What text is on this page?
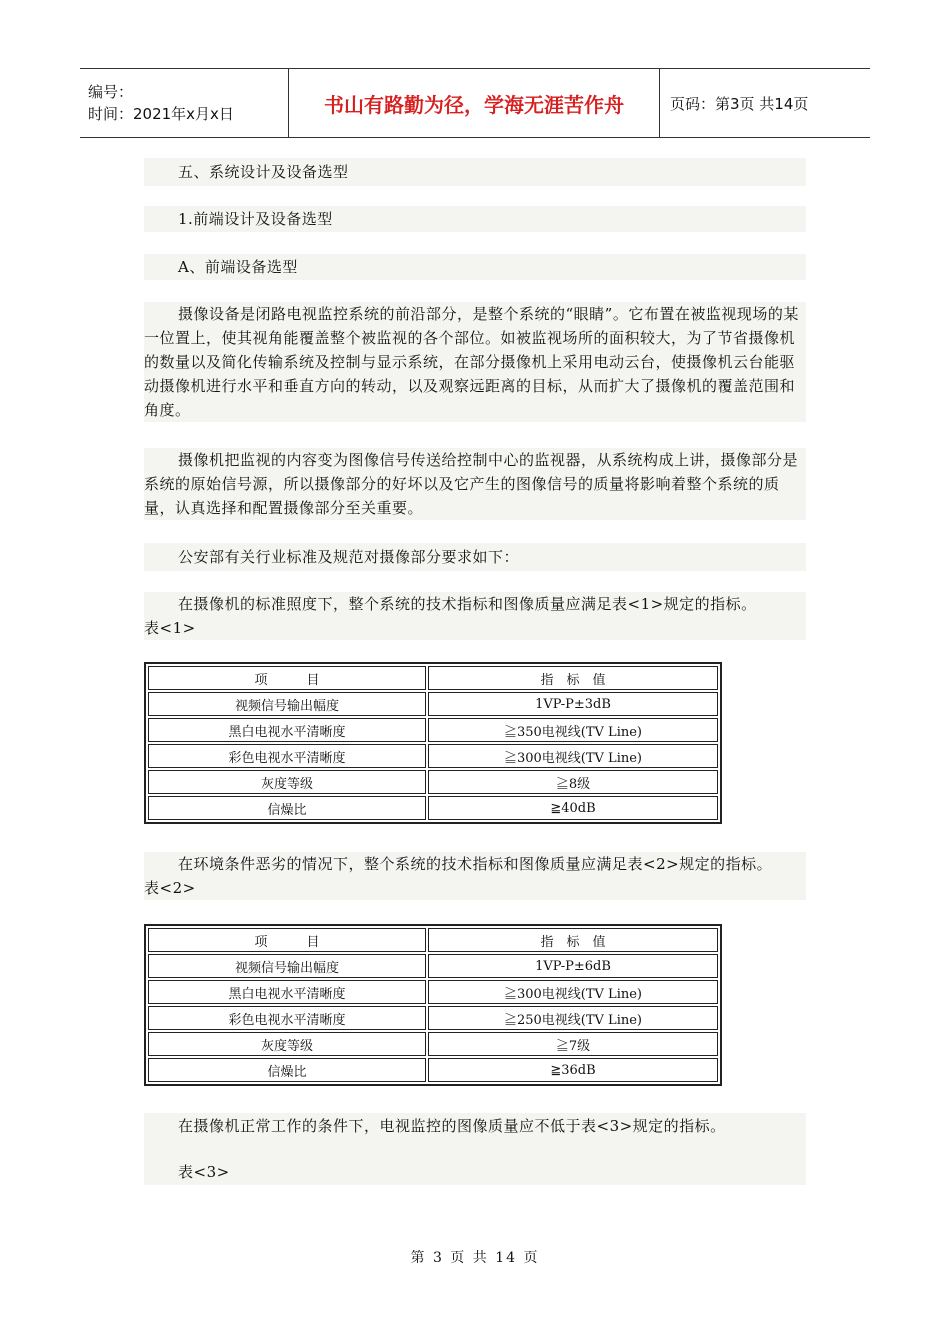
编号：
时间：2021年x月x日	书山有路勤为径，学海无涯苦作舟	页码：第3页 共14页

五、系统设计及设备选型

1.前端设计及设备选型

A、前端设备选型

摄像设备是闭路电视监控系统的前沿部分，是整个系统的“眼睛”。它布置在被监视现场的某一位置上，使其视角能覆盖整个被监视的各个部位。如被监视场所的面积较大，为了节省摄像机的数量以及简化传输系统及控制与显示系统，在部分摄像机上采用电动云台，使摄像机云台能驱动摄像机进行水平和垂直方向的转动，以及观察远距离的目标，从而扩大了摄像机的覆盖范围和角度。

摄像机把监视的内容变为图像信号传送给控制中心的监视器，从系统构成上讲，摄像部分是系统的原始信号源，所以摄像部分的好坏以及它产生的图像信号的质量将影响着整个系统的质量，认真选择和配置摄像部分至关重要。

公安部有关行业标准及规范对摄像部分要求如下：

在摄像机的标准照度下，整个系统的技术指标和图像质量应满足表<1>规定的指标。

表<1>

项　　　目	指　标　值
视频信号输出幅度	1VP-P±3dB
黑白电视水平清晰度	≧350电视线(TV Line)
彩色电视水平清晰度	≧300电视线(TV Line)
灰度等级	≧8级
信燥比	≧40dB

在环境条件恶劣的情况下，整个系统的技术指标和图像质量应满足表<2>规定的指标。

表<2>

项　　　目	指　标　值
视频信号输出幅度	1VP-P±6dB
黑白电视水平清晰度	≧300电视线(TV Line)
彩色电视水平清晰度	≧250电视线(TV Line)
灰度等级	≧7级
信燥比	≧36dB

在摄像机正常工作的条件下，电视监控的图像质量应不低于表<3>规定的指标。

表<3>

第 3 页 共 14 页
